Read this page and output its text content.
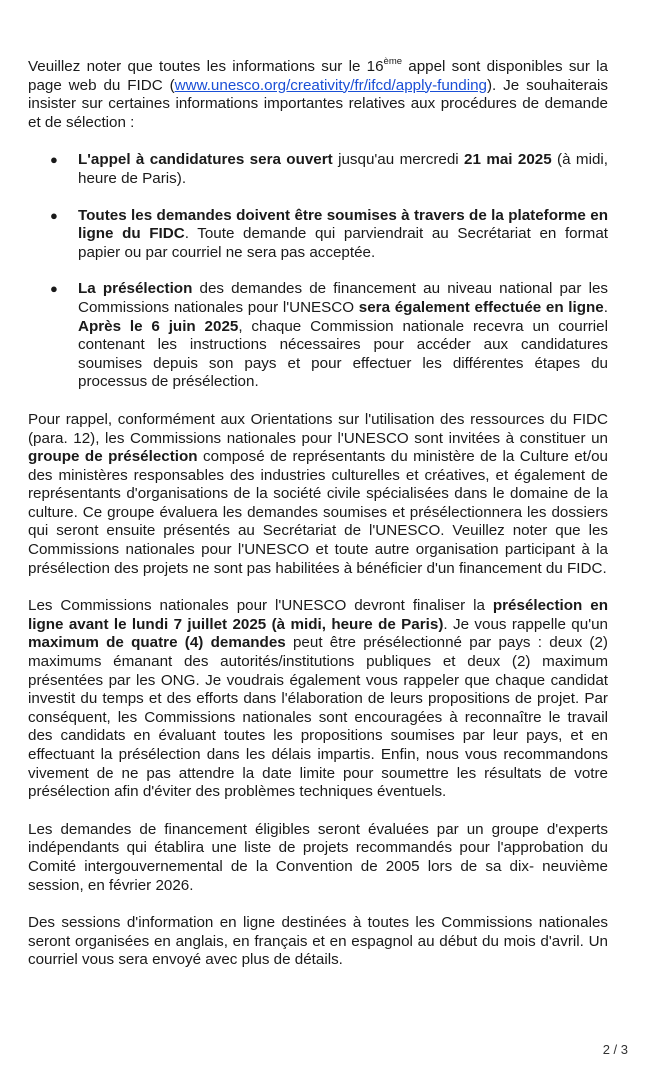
Veuillez noter que toutes les informations sur le 16ème appel sont disponibles sur la page web du FIDC (www.unesco.org/creativity/fr/ifcd/apply-funding). Je souhaiterais insister sur certaines informations importantes relatives aux procédures de demande et de sélection :

● L'appel à candidatures sera ouvert jusqu'au mercredi 21 mai 2025 (à midi, heure de Paris).
● Toutes les demandes doivent être soumises à travers de la plateforme en ligne du FIDC. Toute demande qui parviendrait au Secrétariat en format papier ou par courriel ne sera pas acceptée.
● La présélection des demandes de financement au niveau national par les Commissions nationales pour l'UNESCO sera également effectuée en ligne. Après le 6 juin 2025, chaque Commission nationale recevra un courriel contenant les instructions nécessaires pour accéder aux candidatures soumises depuis son pays et pour effectuer les différentes étapes du processus de présélection.

Pour rappel, conformément aux Orientations sur l'utilisation des ressources du FIDC (para. 12), les Commissions nationales pour l'UNESCO sont invitées à constituer un groupe de présélection composé de représentants du ministère de la Culture et/ou des ministères responsables des industries culturelles et créatives, et également de représentants d'organisations de la société civile spécialisées dans le domaine de la culture. Ce groupe évaluera les demandes soumises et présélectionnera les dossiers qui seront ensuite présentés au Secrétariat de l'UNESCO. Veuillez noter que les Commissions nationales pour l'UNESCO et toute autre organisation participant à la présélection des projets ne sont pas habilitées à bénéficier d'un financement du FIDC.

Les Commissions nationales pour l'UNESCO devront finaliser la présélection en ligne avant le lundi 7 juillet 2025 (à midi, heure de Paris). Je vous rappelle qu'un maximum de quatre (4) demandes peut être présélectionné par pays : deux (2) maximums émanant des autorités/institutions publiques et deux (2) maximum présentées par les ONG. Je voudrais également vous rappeler que chaque candidat investit du temps et des efforts dans l'élaboration de leurs propositions de projet. Par conséquent, les Commissions nationales sont encouragées à reconnaître le travail des candidats en évaluant toutes les propositions soumises par leur pays, et en effectuant la présélection dans les délais impartis. Enfin, nous vous recommandons vivement de ne pas attendre la date limite pour soumettre les résultats de votre présélection afin d'éviter des problèmes techniques éventuels.

Les demandes de financement éligibles seront évaluées par un groupe d'experts indépendants qui établira une liste de projets recommandés pour l'approbation du Comité intergouvernemental de la Convention de 2005 lors de sa dix- neuvième session, en février 2026.

Des sessions d'information en ligne destinées à toutes les Commissions nationales seront organisées en anglais, en français et en espagnol au début du mois d'avril. Un courriel vous sera envoyé avec plus de détails.

2 / 3
